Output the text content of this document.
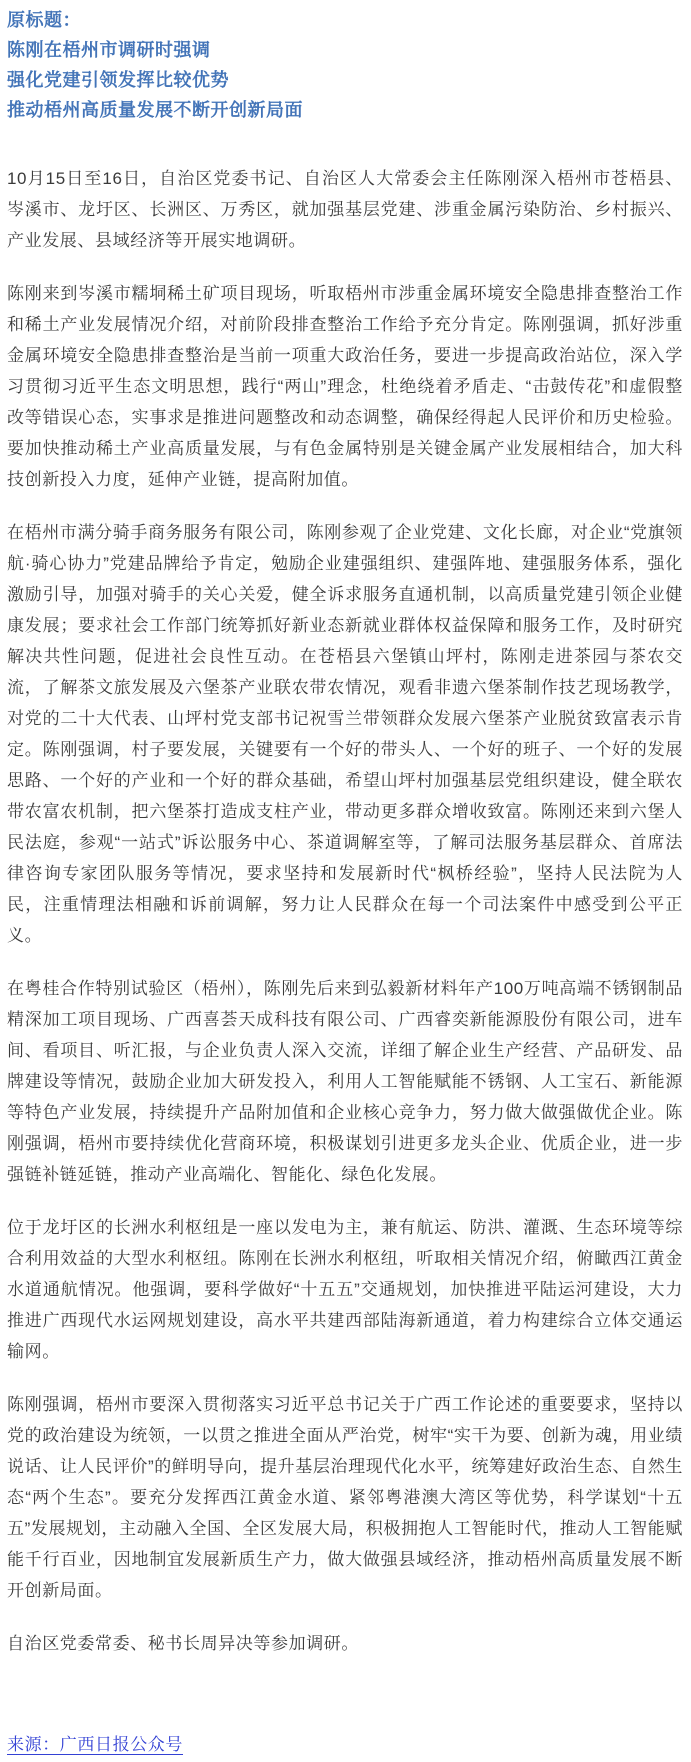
原标题：
陈刚在梧州市调研时强调
强化党建引领发挥比较优势
推动梧州高质量发展不断开创新局面

10月15日至16日，自治区党委书记、自治区人大常委会主任陈刚深入梧州市苍梧县、岑溪市、龙圩区、长洲区、万秀区，就加强基层党建、涉重金属污染防治、乡村振兴、产业发展、县域经济等开展实地调研。

陈刚来到岑溪市糯垌稀土矿项目现场，听取梧州市涉重金属环境安全隐患排查整治工作和稀土产业发展情况介绍，对前阶段排查整治工作给予充分肯定。陈刚强调，抓好涉重金属环境安全隐患排查整治是当前一项重大政治任务，要进一步提高政治站位，深入学习贯彻习近平生态文明思想，践行“两山”理念，杜绝绕着矛盾走、“击鼓传花”和虚假整改等错误心态，实事求是推进问题整改和动态调整，确保经得起人民评价和历史检验。要加快推动稀土产业高质量发展，与有色金属特别是关键金属产业发展相结合，加大科技创新投入力度，延伸产业链，提高附加值。

在梧州市满分骑手商务服务有限公司，陈刚参观了企业党建、文化长廊，对企业“党旗领航·骑心协力”党建品牌给予肯定，勉励企业建强组织、建强阵地、建强服务体系，强化激励引导，加强对骑手的关心关爱，健全诉求服务直通机制，以高质量党建引领企业健康发展；要求社会工作部门统筹抓好新业态新就业群体权益保障和服务工作，及时研究解决共性问题，促进社会良性互动。在苍梧县六堡镇山坪村，陈刚走进茶园与茶农交流，了解茶文旅发展及六堡茶产业联农带农情况，观看非遗六堡茶制作技艺现场教学，对党的二十大代表、山坪村党支部书记祝雪兰带领群众发展六堡茶产业脱贫致富表示肯定。陈刚强调，村子要发展，关键要有一个好的带头人、一个好的班子、一个好的发展思路、一个好的产业和一个好的群众基础，希望山坪村加强基层党组织建设，健全联农带农富农机制，把六堡茶打造成支柱产业，带动更多群众增收致富。陈刚还来到六堡人民法庭，参观“一站式”诉讼服务中心、茶道调解室等，了解司法服务基层群众、首席法律咨询专家团队服务等情况，要求坚持和发展新时代“枫桥经验”，坚持人民法院为人民，注重情理法相融和诉前调解，努力让人民群众在每一个司法案件中感受到公平正义。

在粤桂合作特别试验区（梧州），陈刚先后来到弘毅新材料年产100万吨高端不锈钢制品精深加工项目现场、广西喜荟天成科技有限公司、广西睿奕新能源股份有限公司，进车间、看项目、听汇报，与企业负责人深入交流，详细了解企业生产经营、产品研发、品牌建设等情况，鼓励企业加大研发投入，利用人工智能赋能不锈钢、人工宝石、新能源等特色产业发展，持续提升产品附加值和企业核心竞争力，努力做大做强做优企业。陈刚强调，梧州市要持续优化营商环境，积极谋划引进更多龙头企业、优质企业，进一步强链补链延链，推动产业高端化、智能化、绿色化发展。

位于龙圩区的长洲水利枢纽是一座以发电为主，兼有航运、防洪、灌溉、生态环境等综合利用效益的大型水利枢纽。陈刚在长洲水利枢纽，听取相关情况介绍，俯瞰西江黄金水道通航情况。他强调，要科学做好“十五五”交通规划，加快推进平陆运河建设，大力推进广西现代水运网规划建设，高水平共建西部陆海新通道，着力构建综合立体交通运输网。

陈刚强调，梧州市要深入贯彻落实习近平总书记关于广西工作论述的重要要求，坚持以党的政治建设为统领，一以贯之推进全面从严治党，树牢“实干为要、创新为魂，用业绩说话、让人民评价”的鲜明导向，提升基层治理现代化水平，统筹建好政治生态、自然生态“两个生态”。要充分发挥西江黄金水道、紧邻粤港澳大湾区等优势，科学谋划“十五五”发展规划，主动融入全国、全区发展大局，积极拥抱人工智能时代，推动人工智能赋能千行百业，因地制宜发展新质生产力，做大做强县域经济，推动梧州高质量发展不断开创新局面。

自治区党委常委、秘书长周异决等参加调研。

来源：广西日报公众号
